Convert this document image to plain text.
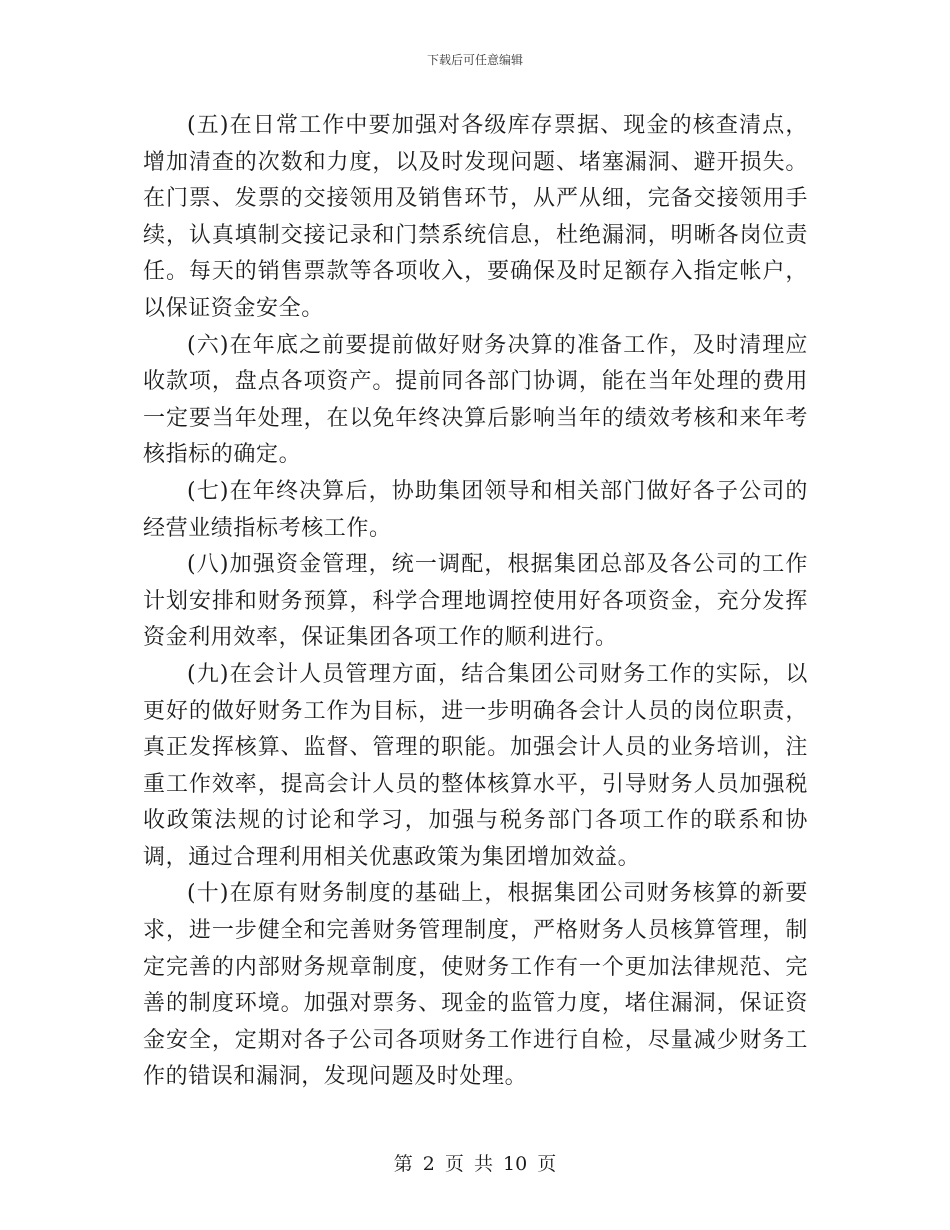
下载后可任意编辑

(五)在日常工作中要加强对各级库存票据、现金的核查清点，增加清查的次数和力度，以及时发现问题、堵塞漏洞、避开损失。在门票、发票的交接领用及销售环节，从严从细，完备交接领用手续，认真填制交接记录和门禁系统信息，杜绝漏洞，明晰各岗位责任。每天的销售票款等各项收入，要确保及时足额存入指定帐户，以保证资金安全。

(六)在年底之前要提前做好财务决算的准备工作，及时清理应收款项，盘点各项资产。提前同各部门协调，能在当年处理的费用一定要当年处理，在以免年终决算后影响当年的绩效考核和来年考核指标的确定。

(七)在年终决算后，协助集团领导和相关部门做好各子公司的经营业绩指标考核工作。

(八)加强资金管理，统一调配，根据集团总部及各公司的工作计划安排和财务预算，科学合理地调控使用好各项资金，充分发挥资金利用效率，保证集团各项工作的顺利进行。

(九)在会计人员管理方面，结合集团公司财务工作的实际，以更好的做好财务工作为目标，进一步明确各会计人员的岗位职责，真正发挥核算、监督、管理的职能。加强会计人员的业务培训，注重工作效率，提高会计人员的整体核算水平，引导财务人员加强税收政策法规的讨论和学习，加强与税务部门各项工作的联系和协调，通过合理利用相关优惠政策为集团增加效益。

(十)在原有财务制度的基础上，根据集团公司财务核算的新要求，进一步健全和完善财务管理制度，严格财务人员核算管理，制定完善的内部财务规章制度，使财务工作有一个更加法律规范、完善的制度环境。加强对票务、现金的监管力度，堵住漏洞，保证资金安全，定期对各子公司各项财务工作进行自检，尽量减少财务工作的错误和漏洞，发现问题及时处理。

第 2 页 共 10 页
